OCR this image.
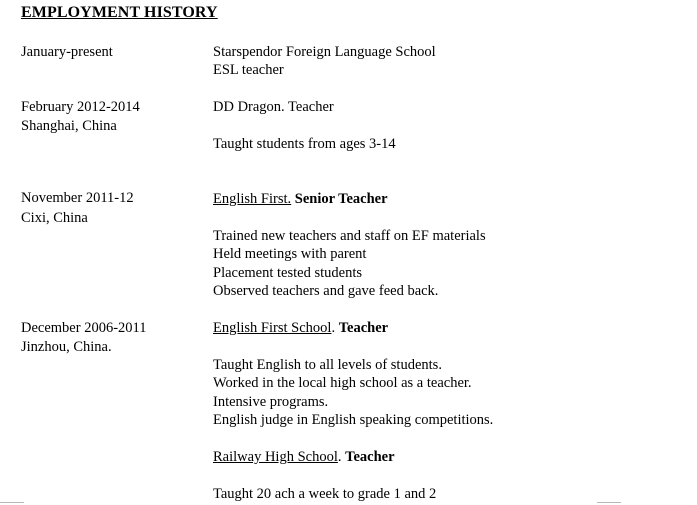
EMPLOYMENT HISTORY
January-present	Starspendor Foreign Language School
ESL teacher
February 2012-2014
Shanghai, China
DD Dragon. Teacher
Taught students from ages 3-14
November 2011-12
Cixi, China
English First. Senior Teacher
Trained new teachers and staff on EF materials
Held meetings with parent
Placement tested students
Observed teachers and gave feed back.
December 2006-2011
Jinzhou, China.
English First School. Teacher
Taught English to all levels of students.
Worked in the local high school as a teacher.
Intensive programs.
English judge in English speaking competitions.
Railway High School. Teacher
Taught 20 ach a week to grade 1 and 2
